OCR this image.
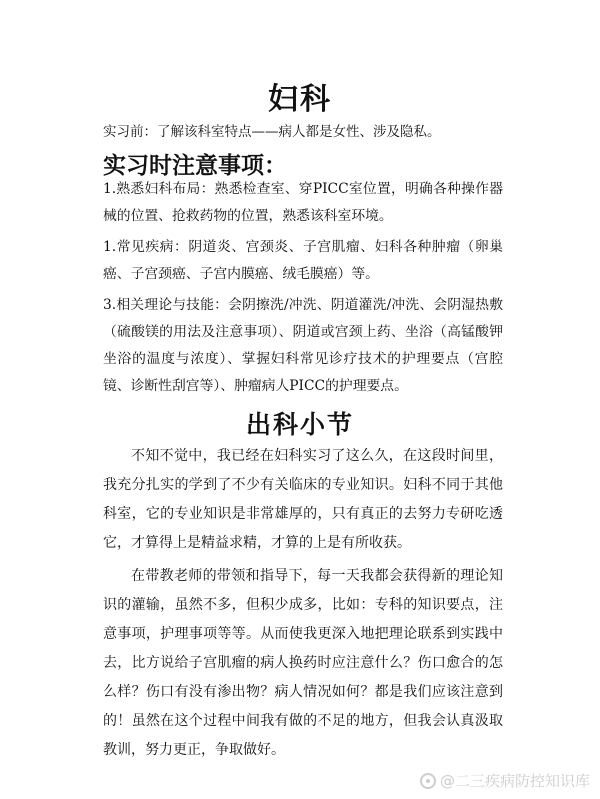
妇科

实习前：了解该科室特点——病人都是女性、涉及隐私。

实习时注意事项：

1.熟悉妇科布局：熟悉检查室、穿PICC室位置，明确各种操作器械的位置、抢救药物的位置，熟悉该科室环境。

1.常见疾病：阴道炎、宫颈炎、子宫肌瘤、妇科各种肿瘤（卵巢癌、子宫颈癌、子宫内膜癌、绒毛膜癌）等。

3.相关理论与技能：会阴擦洗/冲洗、阴道灌洗/冲洗、会阴湿热敷（硫酸镁的用法及注意事项）、阴道或宫颈上药、坐浴（高锰酸钾坐浴的温度与浓度）、掌握妇科常见诊疗技术的护理要点（宫腔镜、诊断性刮宫等）、肿瘤病人PICC的护理要点。

出科小节

不知不觉中，我已经在妇科实习了这么久，在这段时间里，我充分扎实的学到了不少有关临床的专业知识。妇科不同于其他科室，它的专业知识是非常雄厚的，只有真正的去努力专研吃透它，才算得上是精益求精，才算的上是有所收获。

在带教老师的带领和指导下，每一天我都会获得新的理论知识的灌输，虽然不多，但积少成多，比如：专科的知识要点，注意事项，护理事项等等。从而使我更深入地把理论联系到实践中去，比方说给子宫肌瘤的病人换药时应注意什么？伤口愈合的怎么样？伤口有没有渗出物？病人情况如何？都是我们应该注意到的！虽然在这个过程中间我有做的不足的地方，但我会认真汲取教训，努力更正，争取做好。

@二三疾病防控知识库
